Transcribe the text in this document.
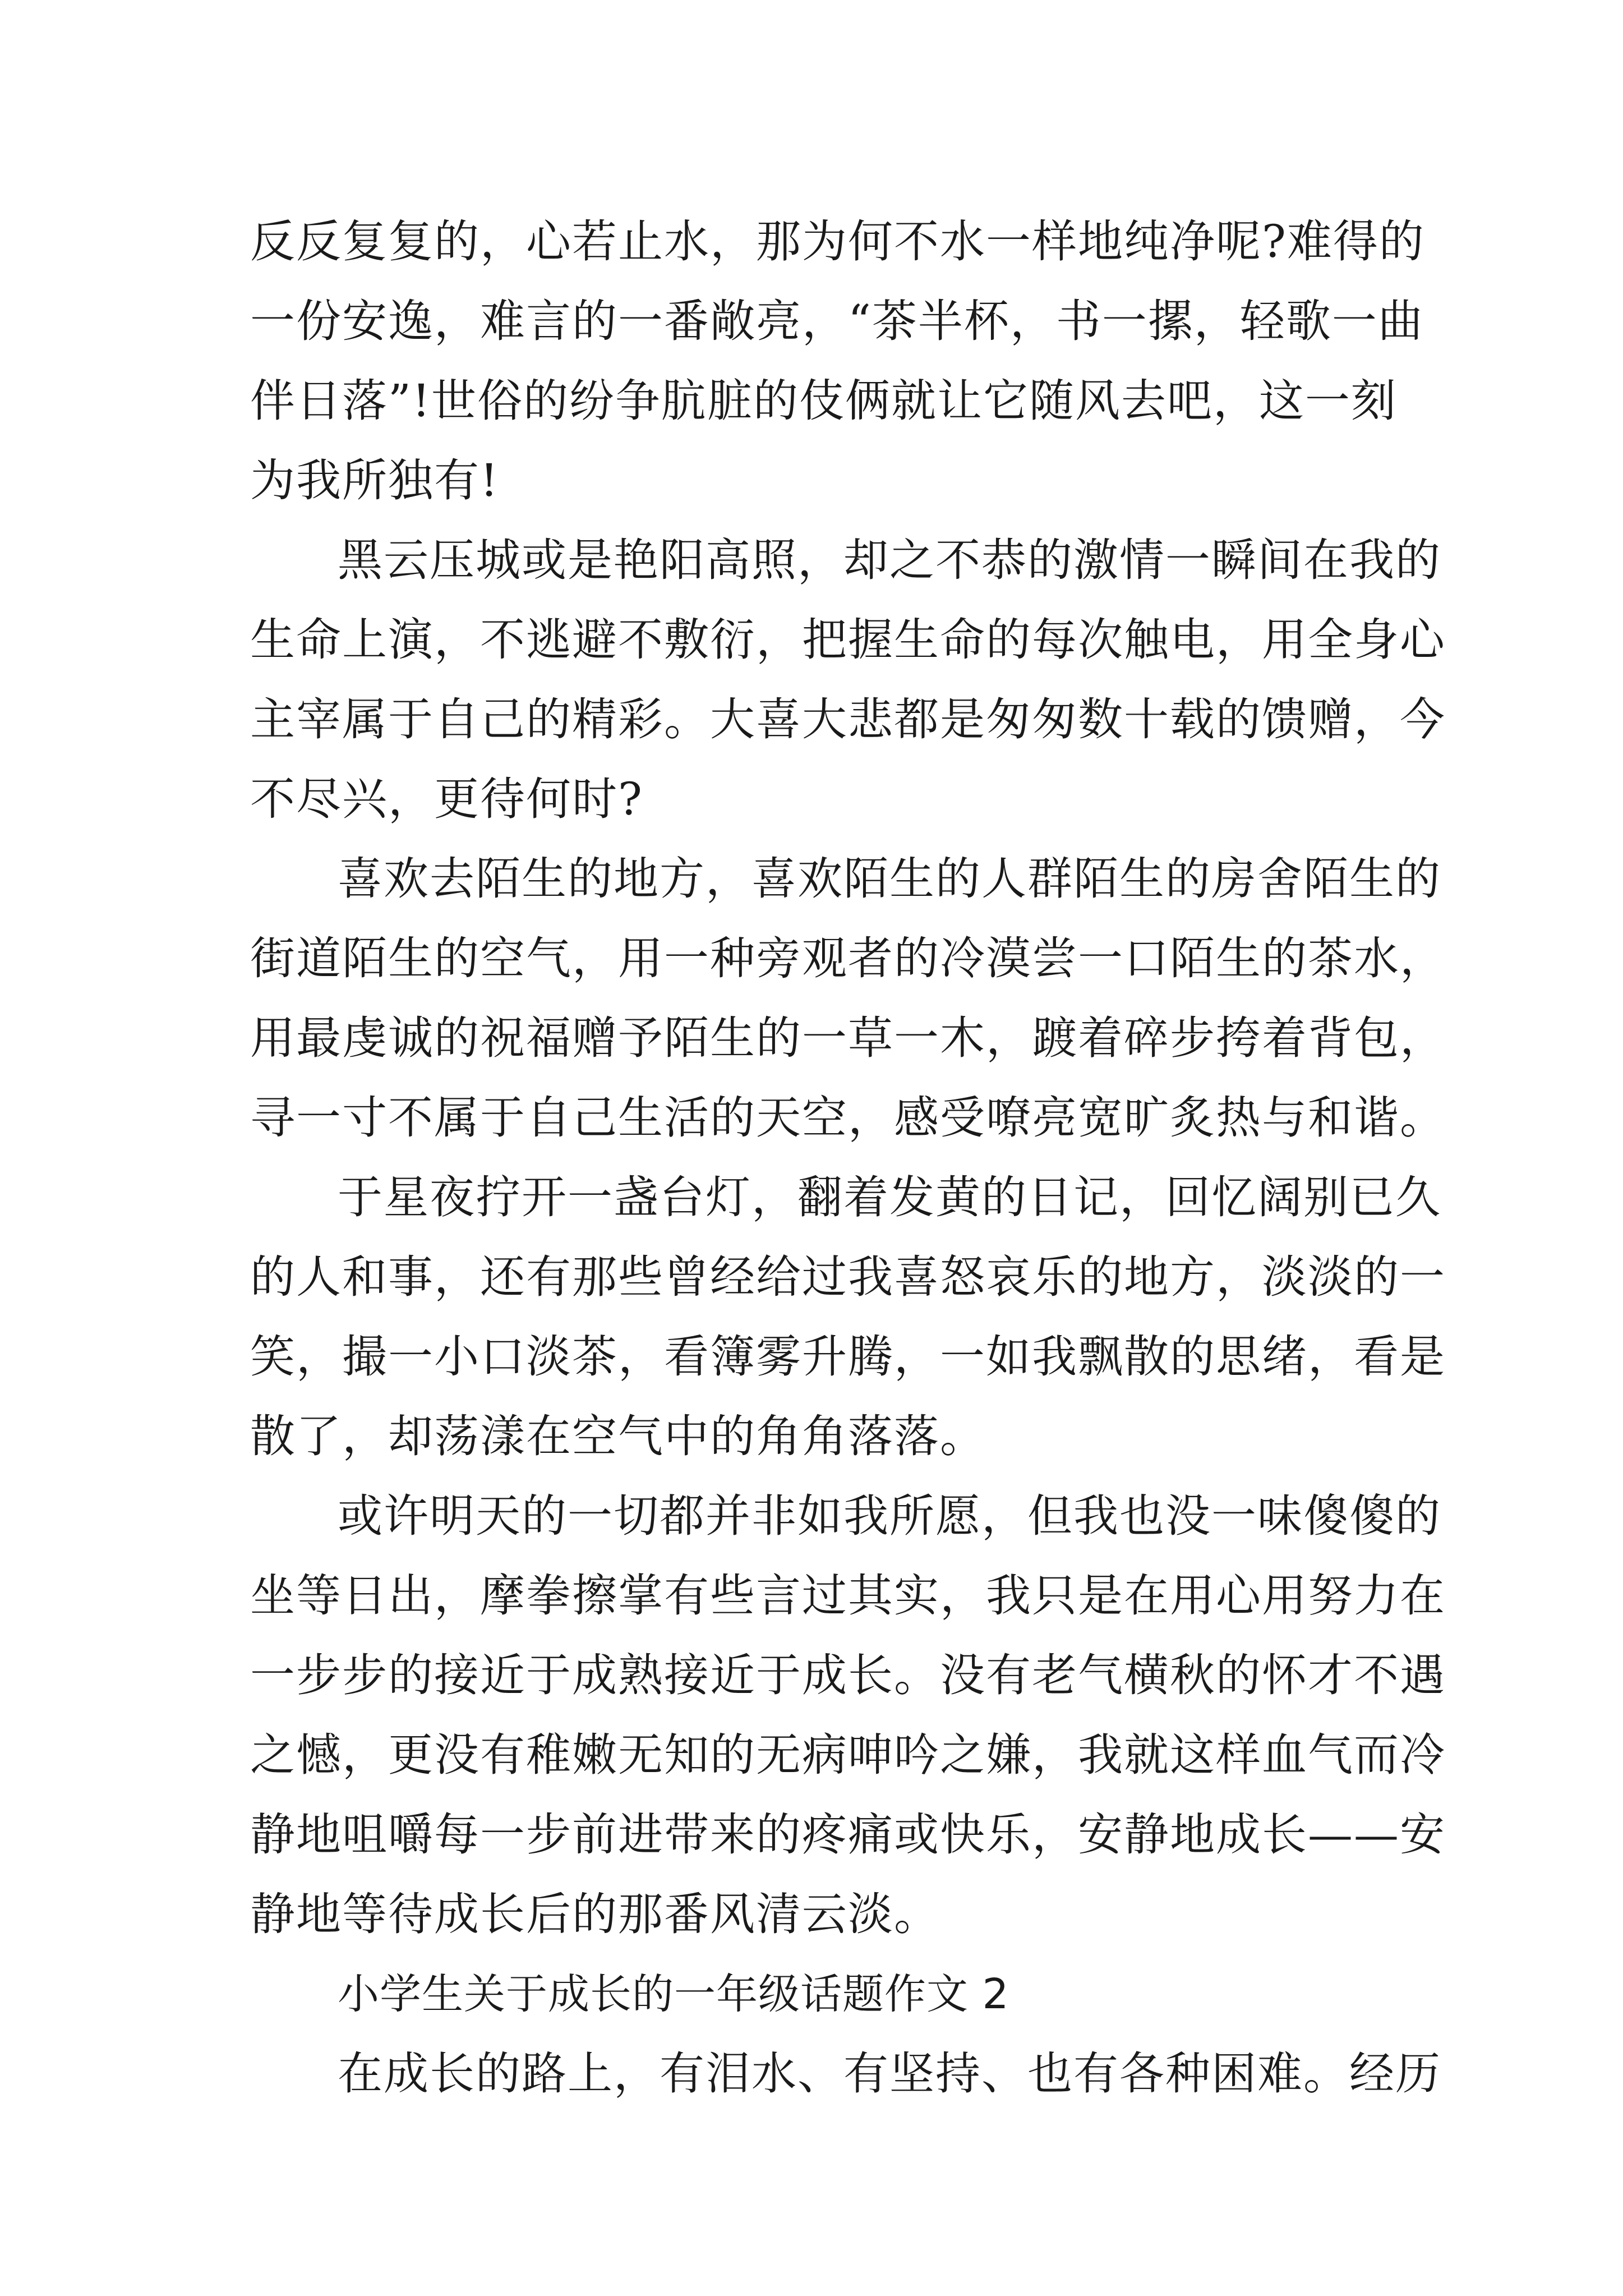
反反复复的，心若止水，那为何不水一样地纯净呢?难得的
一份安逸，难言的一番敞亮，“茶半杯，书一摞，轻歌一曲
伴日落”!世俗的纷争肮脏的伎俩就让它随风去吧，这一刻
为我所独有!

黑云压城或是艳阳高照，却之不恭的激情一瞬间在我的
生命上演，不逃避不敷衍，把握生命的每次触电，用全身心
主宰属于自己的精彩。大喜大悲都是匆匆数十载的馈赠，今
不尽兴，更待何时?

喜欢去陌生的地方，喜欢陌生的人群陌生的房舍陌生的
街道陌生的空气，用一种旁观者的冷漠尝一口陌生的茶水，
用最虔诚的祝福赠予陌生的一草一木，踱着碎步挎着背包，
寻一寸不属于自己生活的天空，感受嘹亮宽旷炙热与和谐。

于星夜拧开一盏台灯，翻着发黄的日记，回忆阔别已久
的人和事，还有那些曾经给过我喜怒哀乐的地方，淡淡的一
笑，撮一小口淡茶，看簿雾升腾，一如我飘散的思绪，看是
散了，却荡漾在空气中的角角落落。

或许明天的一切都并非如我所愿，但我也没一味傻傻的
坐等日出，摩拳擦掌有些言过其实，我只是在用心用努力在
一步步的接近于成熟接近于成长。没有老气横秋的怀才不遇
之憾，更没有稚嫩无知的无病呻吟之嫌，我就这样血气而冷
静地咀嚼每一步前进带来的疼痛或快乐，安静地成长——安
静地等待成长后的那番风清云淡。

小学生关于成长的一年级话题作文 2

在成长的路上，有泪水、有坚持、也有各种困难。经历
